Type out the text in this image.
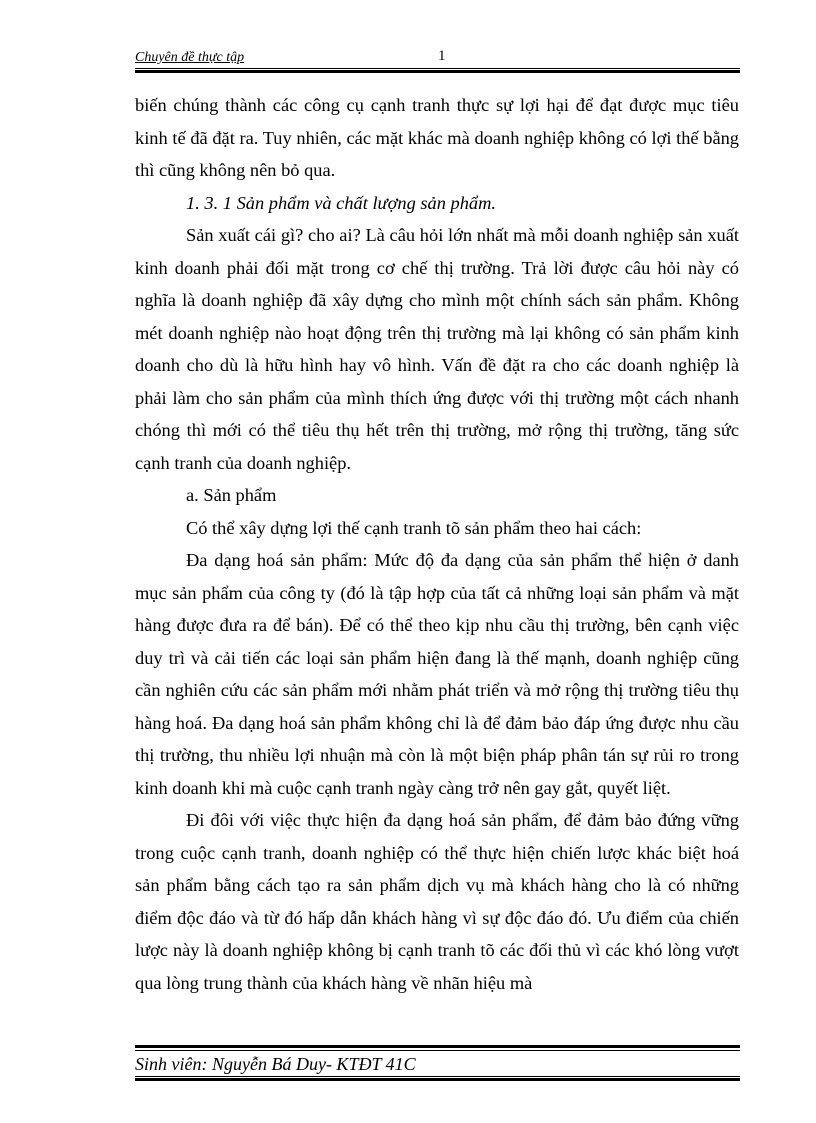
Chuyên đề thực tập	1

biến chúng thành các công cụ cạnh tranh thực sự lợi hại để đạt được mục tiêu kinh tế đã đặt ra. Tuy nhiên, các mặt khác mà doanh nghiệp không có lợi thế bằng thì cũng không nên bỏ qua.

1. 3. 1 Sản phẩm và chất lượng sản phẩm.

Sản xuất cái gì? cho ai? Là câu hỏi lớn nhất mà mỗi doanh nghiệp sản xuất kinh doanh phải đối mặt trong cơ chế thị trường. Trả lời được câu hỏi này có nghĩa là doanh nghiệp đã xây dựng cho mình một chính sách sản phẩm. Không mét doanh nghiệp nào hoạt động trên thị trường mà lại không có sản phẩm kinh doanh cho dù là hữu hình hay vô hình. Vấn đề đặt ra cho các doanh nghiệp là phải làm cho sản phẩm của mình thích ứng được với thị trường một cách nhanh chóng thì mới có thể tiêu thụ hết trên thị trường, mở rộng thị trường, tăng sức cạnh tranh của doanh nghiệp.

a. Sản phẩm

Có thể xây dựng lợi thế cạnh tranh tõ sản phẩm theo hai cách:

Đa dạng hoá sản phẩm: Mức độ đa dạng của sản phẩm thể hiện ở danh mục sản phẩm của công ty (đó là tập hợp của tất cả những loại sản phẩm và mặt hàng được đưa ra để bán). Để có thể theo kịp nhu cầu thị trường, bên cạnh việc duy trì và cải tiến các loại sản phẩm hiện đang là thế mạnh, doanh nghiệp cũng cần nghiên cứu các sản phẩm mới nhằm phát triển và mở rộng thị trường tiêu thụ hàng hoá. Đa dạng hoá sản phẩm không chỉ là để đảm bảo đáp ứng được nhu cầu thị trường, thu nhiều lợi nhuận mà còn là một biện pháp phân tán sự rủi ro trong kinh doanh khi mà cuộc cạnh tranh ngày càng trở nên gay gắt, quyết liệt.

Đi đôi với việc thực hiện đa dạng hoá sản phẩm, để đảm bảo đứng vững trong cuộc cạnh tranh, doanh nghiệp có thể thực hiện chiến lược khác biệt hoá sản phẩm bằng cách tạo ra sản phẩm dịch vụ mà khách hàng cho là có những điểm độc đáo và từ đó hấp dẫn khách hàng vì sự độc đáo đó. Ưu điểm của chiến lược này là doanh nghiệp không bị cạnh tranh tõ các đối thủ vì các khó lòng vượt qua lòng trung thành của khách hàng về nhãn hiệu mà

Sinh viên: Nguyễn Bá Duy- KTĐT 41C
